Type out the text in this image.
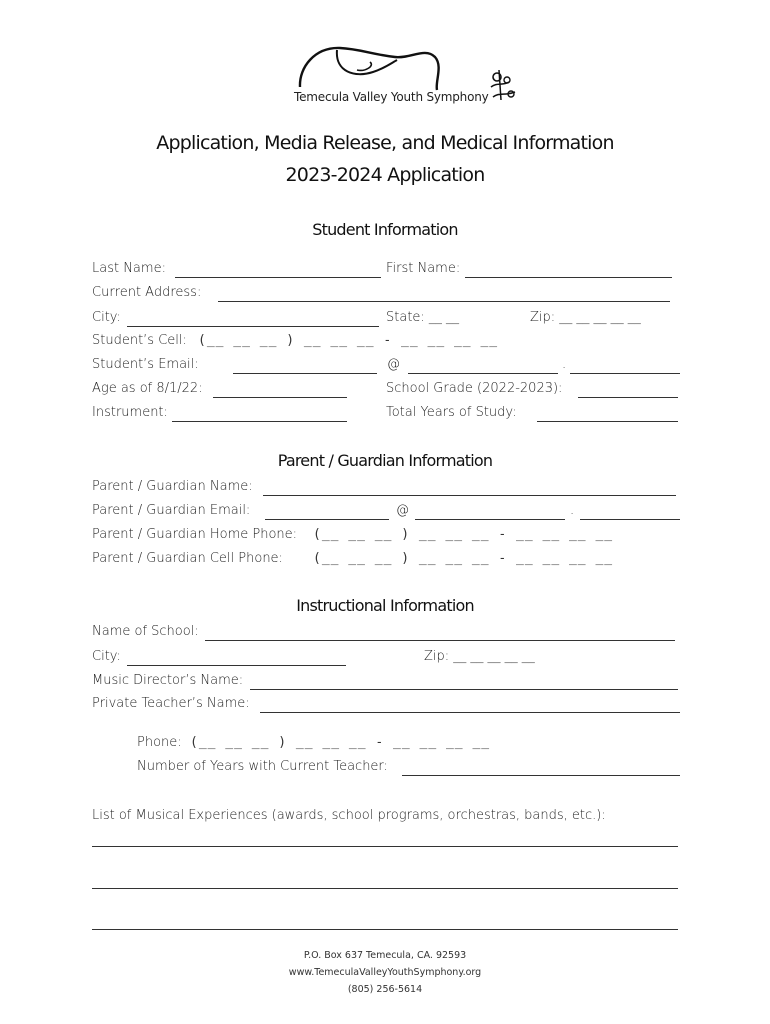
Temecula Valley Youth Symphony
Application, Media Release, and Medical Information
2023-2024 Application
Student Information
Last Name:	First Name:
Current Address:
City:	State: __ __	Zip: __ __ __ __ __
Student’s Cell: (__ __ __ ) __ __ __ - __ __ __ __
Student’s Email:	@	.
Age as of 8/1/22:	School Grade (2022-2023):
Instrument:	Total Years of Study:
Parent / Guardian Information
Parent / Guardian Name:
Parent / Guardian Email:	@	.
Parent / Guardian Home Phone: (__ __ __ ) __ __ __ - __ __ __ __
Parent / Guardian Cell Phone: (__ __ __ ) __ __ __ - __ __ __ __
Instructional Information
Name of School:
City:	Zip: __ __ __ __ __
Music Director’s Name:
Private Teacher’s Name:
Phone: (__ __ __ ) __ __ __ - __ __ __ __
Number of Years with Current Teacher:
List of Musical Experiences (awards, school programs, orchestras, bands, etc.):
P.O. Box 637 Temecula, CA. 92593
www.TemeculaValleyYouthSymphony.org
(805) 256-5614
